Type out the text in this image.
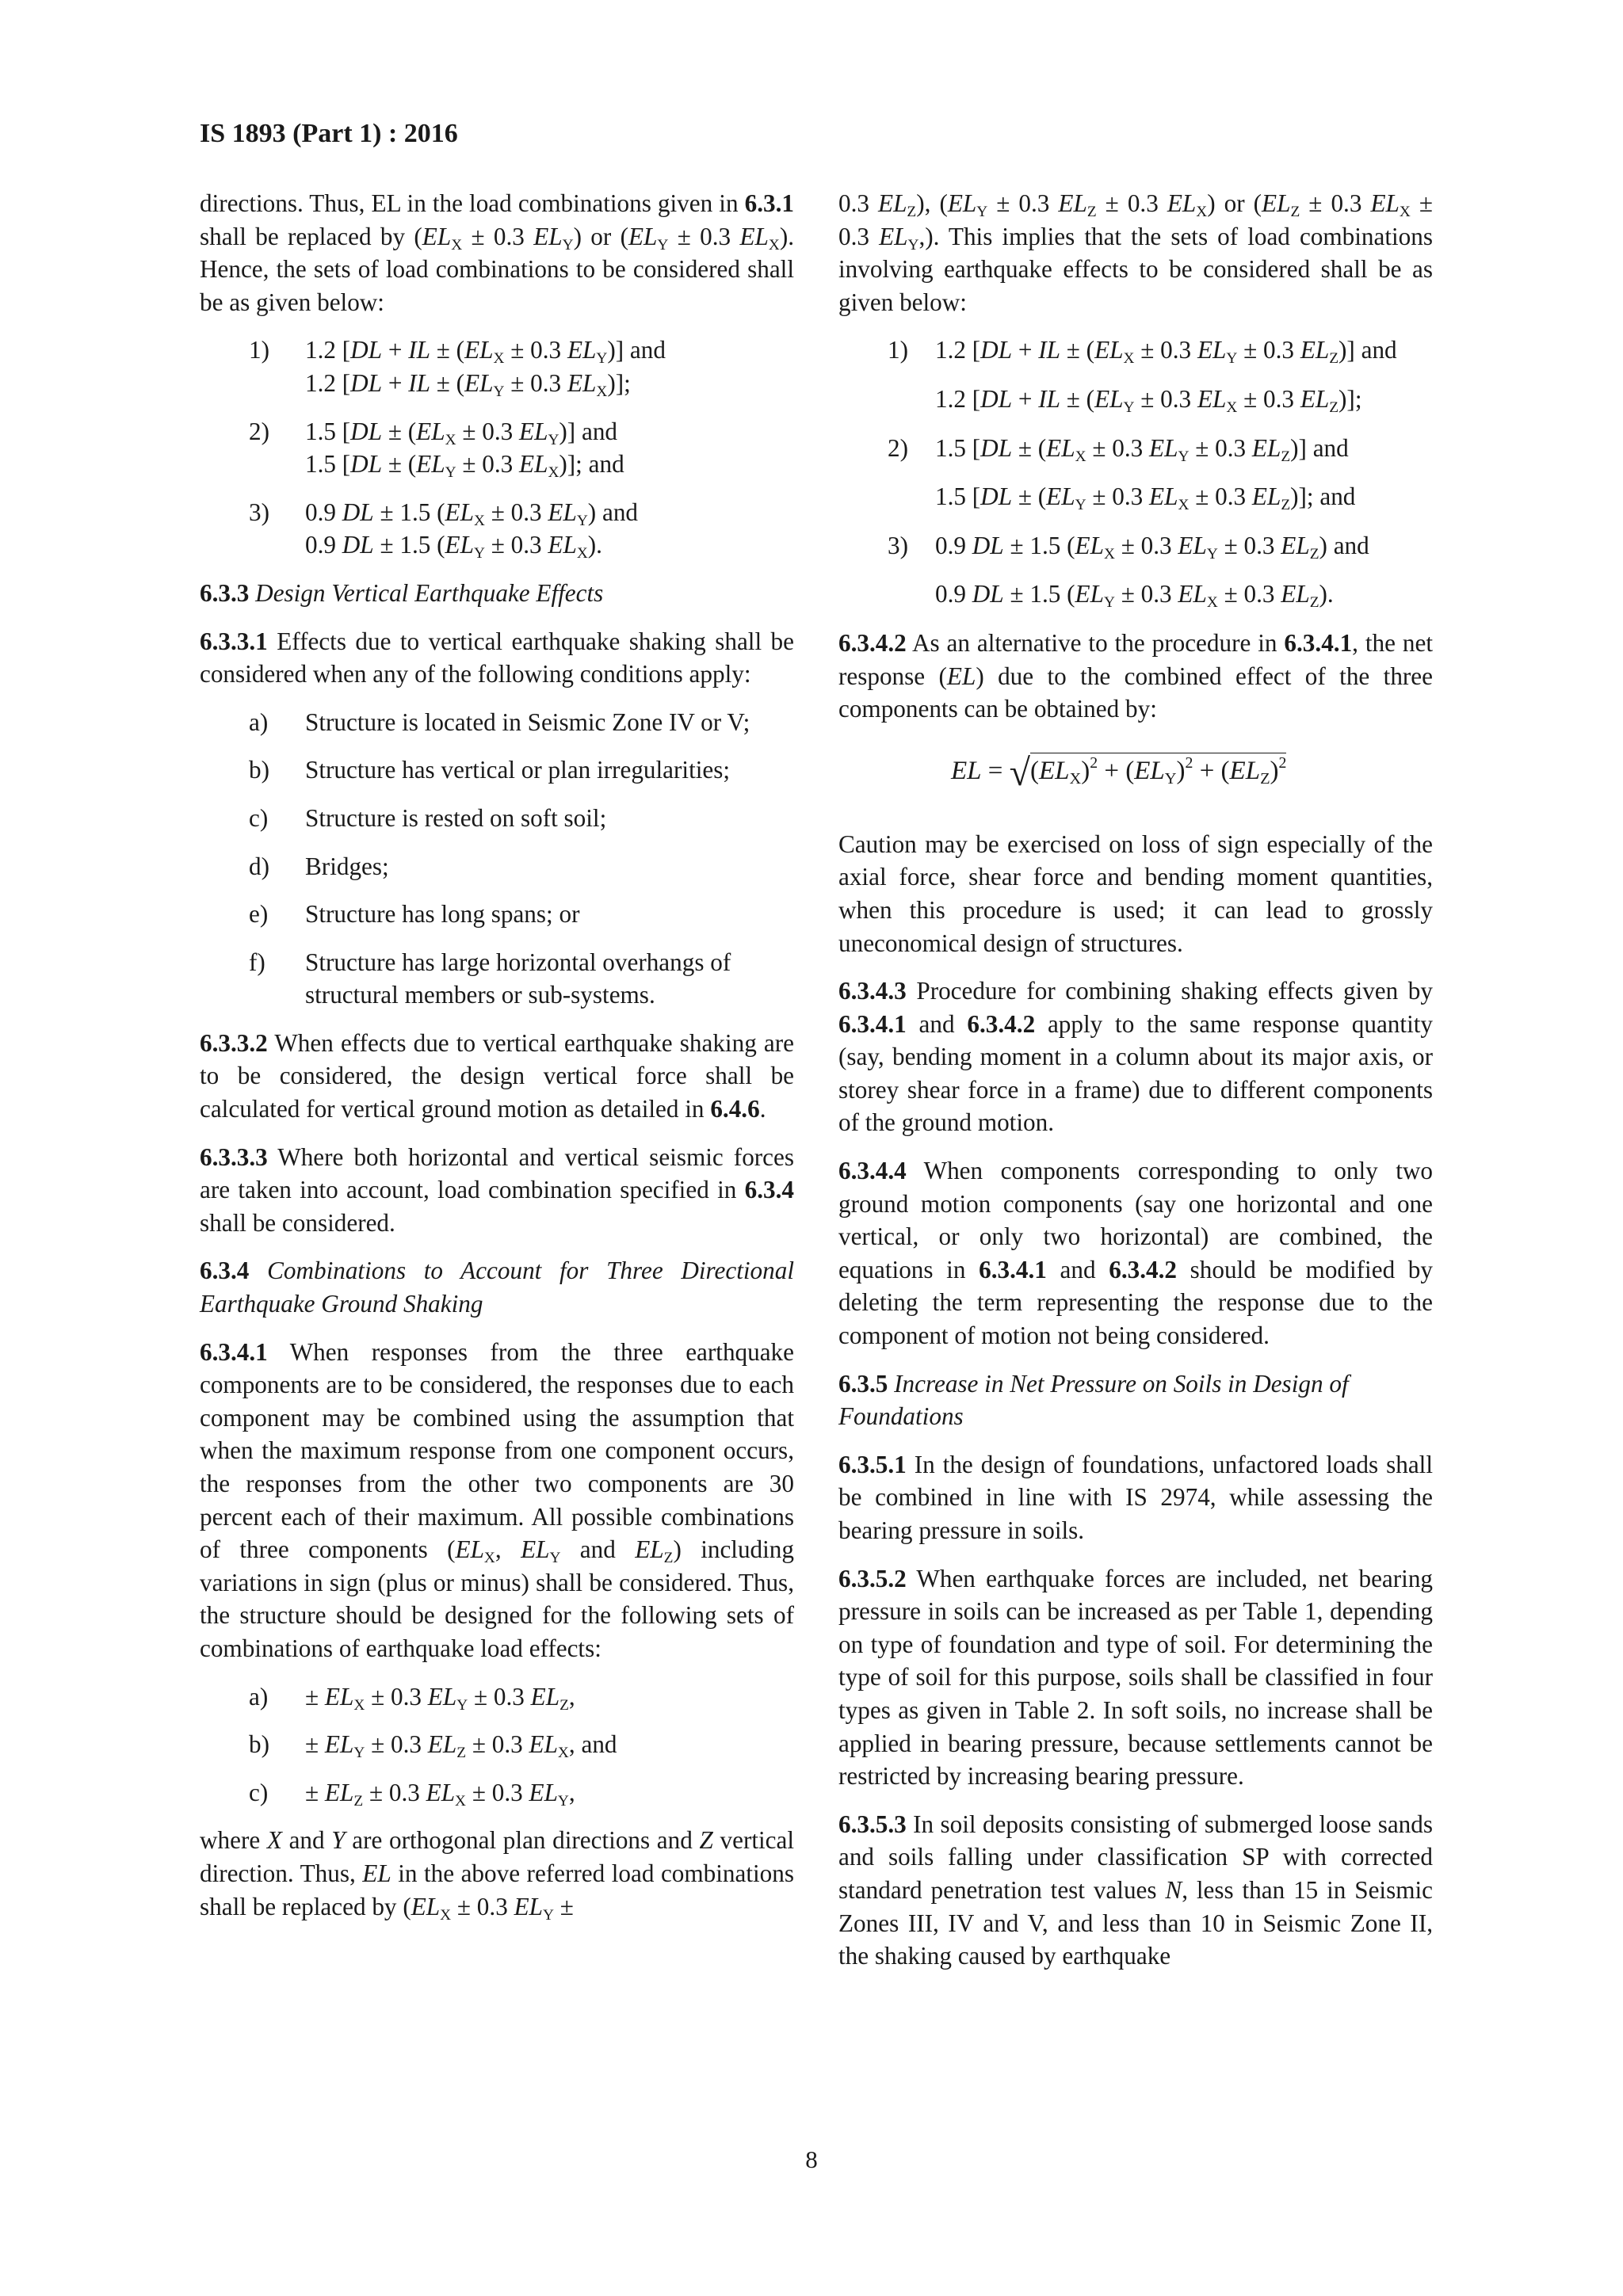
IS 1893 (Part 1) : 2016

directions. Thus, EL in the load combinations given in 6.3.1 shall be replaced by ($EL_X \pm 0.3$ $EL_Y$) or ($EL_Y \pm 0.3$ $EL_X$). Hence, the sets of load combinations to be considered shall be as given below:

1)	1.2 [DL + IL ± ($EL_X \pm 0.3$ $EL_Y$)] and
1.2 [DL + IL ± ($EL_Y \pm 0.3$ $EL_X$)];
2)	1.5 [$DL \pm (EL_X \pm 0.3$ $EL_Y$)] and
1.5 [$DL \pm (EL_Y \pm 0.3$ $EL_X$)]; and
3)	0.9 DL ± 1.5 ($EL_X \pm 0.3$ $EL_Y$) and
0.9 DL ± 1.5 ($EL_Y \pm 0.3$ $EL_X$).

6.3.3 Design Vertical Earthquake Effects

6.3.3.1 Effects due to vertical earthquake shaking shall be considered when any of the following conditions apply:

a)	Structure is located in Seismic Zone IV or V;
b)	Structure has vertical or plan irregularities;
c)	Structure is rested on soft soil;
d)	Bridges;
e)	Structure has long spans; or
f)	Structure has large horizontal overhangs of structural members or sub-systems.

6.3.3.2 When effects due to vertical earthquake shaking are to be considered, the design vertical force shall be calculated for vertical ground motion as detailed in 6.4.6.

6.3.3.3 Where both horizontal and vertical seismic forces are taken into account, load combination specified in 6.3.4 shall be considered.

6.3.4 Combinations to Account for Three Directional Earthquake Ground Shaking

6.3.4.1 When responses from the three earthquake components are to be considered, the responses due to each component may be combined using the assumption that when the maximum response from one component occurs, the responses from the other two components are 30 percent each of their maximum. All possible combinations of three components ($EL_X$, $EL_Y$ and $EL_Z$) including variations in sign (plus or minus) shall be considered. Thus, the structure should be designed for the following sets of combinations of earthquake load effects:

a)	± $EL_X \pm 0.3$ $EL_Y \pm 0.3$ $EL_Z$,
b)	± $EL_Y \pm 0.3$ $EL_Z \pm 0.3$ $EL_X$, and
c)	± $EL_Z \pm 0.3$ $EL_X \pm 0.3$ $EL_Y$,

where X and Y are orthogonal plan directions and Z vertical direction. Thus, EL in the above referred load combinations shall be replaced by ($EL_X \pm 0.3$ $EL_Y$ ±

0.3 $EL_Z$), ($EL_Y \pm 0.3$ $EL_Z \pm 0.3$ $EL_X$) or ($EL_Z \pm 0.3$ $EL_X \pm 0.3$ $EL_Y$,). This implies that the sets of load combinations involving earthquake effects to be considered shall be as given below:

1)	1.2 [DL + IL ± ($EL_X \pm 0.3$ $EL_Y \pm 0.3$ $EL_Z$)] and
1.2 [DL + IL ± ($EL_Y \pm 0.3$ $EL_X \pm 0.3$ $EL_Z$)];
2)	1.5 [$DL \pm (EL_X \pm 0.3$ $EL_Y \pm 0.3$ $EL_Z$)] and
1.5 [$DL \pm (EL_Y \pm 0.3$ $EL_X \pm 0.3$ $EL_Z$)]; and
3)	0.9 DL ± 1.5 ($EL_X \pm 0.3$ $EL_Y \pm 0.3$ $EL_Z$) and
0.9 DL ± 1.5 ($EL_Y \pm 0.3$ $EL_X \pm 0.3$ $EL_Z$).

6.3.4.2 As an alternative to the procedure in 6.3.4.1, the net response (EL) due to the combined effect of the three components can be obtained by:

EL = $√(EL_X)^2 + (EL_Y)^2 + (EL_Z)^2$

Caution may be exercised on loss of sign especially of the axial force, shear force and bending moment quantities, when this procedure is used; it can lead to grossly uneconomical design of structures.

6.3.4.3 Procedure for combining shaking effects given by 6.3.4.1 and 6.3.4.2 apply to the same response quantity (say, bending moment in a column about its major axis, or storey shear force in a frame) due to different components of the ground motion.

6.3.4.4 When components corresponding to only two ground motion components (say one horizontal and one vertical, or only two horizontal) are combined, the equations in 6.3.4.1 and 6.3.4.2 should be modified by deleting the term representing the response due to the component of motion not being considered.

6.3.5 Increase in Net Pressure on Soils in Design of Foundations

6.3.5.1 In the design of foundations, unfactored loads shall be combined in line with IS 2974, while assessing the bearing pressure in soils.

6.3.5.2 When earthquake forces are included, net bearing pressure in soils can be increased as per Table 1, depending on type of foundation and type of soil. For determining the type of soil for this purpose, soils shall be classified in four types as given in Table 2. In soft soils, no increase shall be applied in bearing pressure, because settlements cannot be restricted by increasing bearing pressure.

6.3.5.3 In soil deposits consisting of submerged loose sands and soils falling under classification SP with corrected standard penetration test values N, less than 15 in Seismic Zones III, IV and V, and less than 10 in Seismic Zone II, the shaking caused by earthquake

8
